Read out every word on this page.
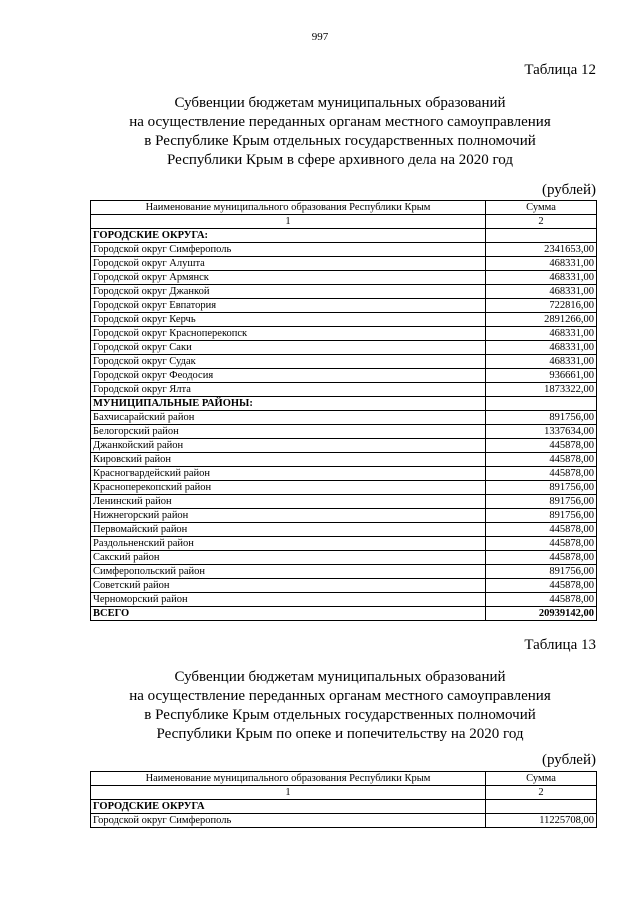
997
Таблица 12
Субвенции бюджетам муниципальных образований
на осуществление переданных органам местного самоуправления
в Республике Крым отдельных государственных полномочий
Республики Крым в сфере архивного дела на 2020 год
(рублей)
Наименование муниципального образования Республики Крым	Сумма
1	2
ГОРОДСКИЕ ОКРУГА:	
Городской округ Симферополь	2341653,00
Городской округ Алушта	468331,00
Городской округ Армянск	468331,00
Городской округ Джанкой	468331,00
Городской округ Евпатория	722816,00
Городской округ Керчь	2891266,00
Городской округ Красноперекопск	468331,00
Городской округ Саки	468331,00
Городской округ Судак	468331,00
Городской округ Феодосия	936661,00
Городской округ Ялта	1873322,00
МУНИЦИПАЛЬНЫЕ РАЙОНЫ:	
Бахчисарайский район	891756,00
Белогорский район	1337634,00
Джанкойский район	445878,00
Кировский район	445878,00
Красногвардейский район	445878,00
Красноперекопский район	891756,00
Ленинский район	891756,00
Нижнегорский район	891756,00
Первомайский район	445878,00
Раздольненский район	445878,00
Сакский район	445878,00
Симферопольский район	891756,00
Советский район	445878,00
Черноморский район	445878,00
ВСЕГО	20939142,00
Таблица 13
Субвенции бюджетам муниципальных образований
на осуществление переданных органам местного самоуправления
в Республике Крым отдельных государственных полномочий
Республики Крым по опеке и попечительству на 2020 год
(рублей)
Наименование муниципального образования Республики Крым	Сумма
1	2
ГОРОДСКИЕ ОКРУГА	
Городской округ Симферополь	11225708,00
